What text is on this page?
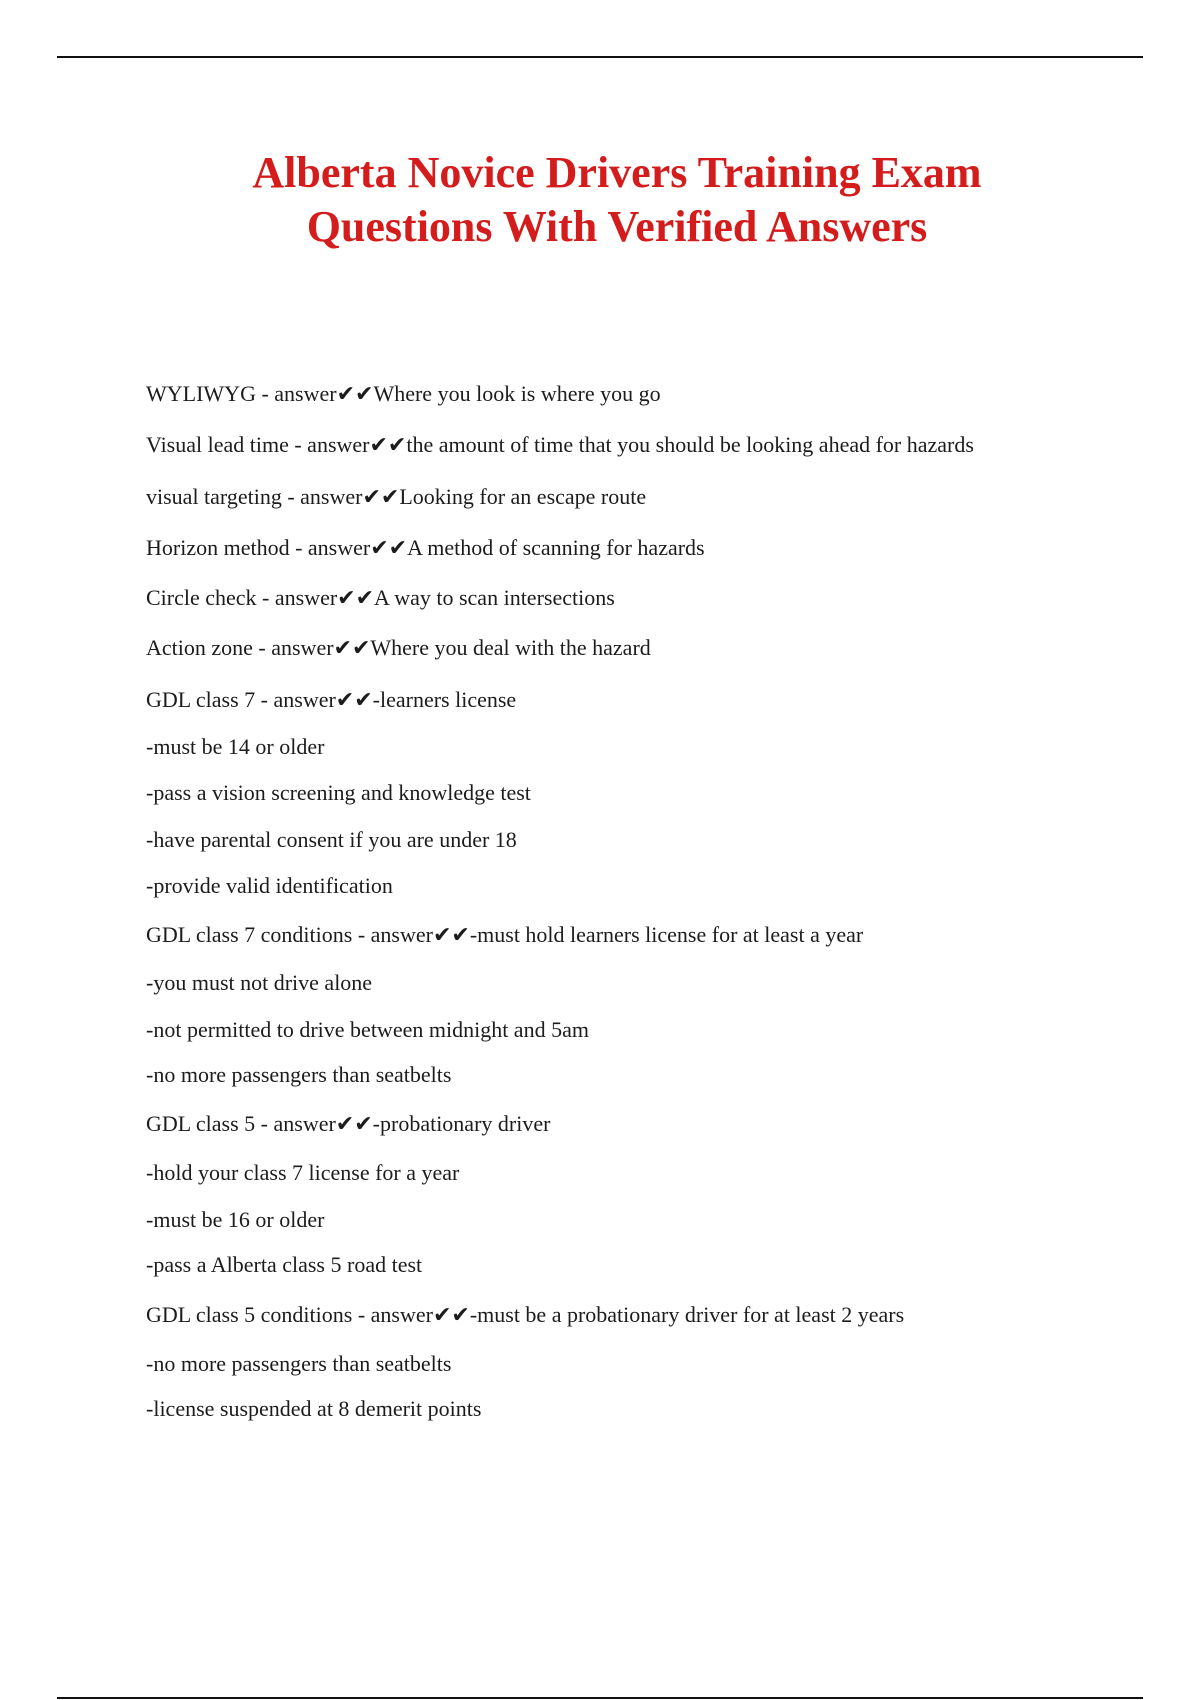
Alberta Novice Drivers Training Exam
Questions With Verified Answers
WYLIWYG - answer✔✔Where you look is where you go
Visual lead time - answer✔✔the amount of time that you should be looking ahead for hazards
visual targeting - answer✔✔Looking for an escape route
Horizon method - answer✔✔A method of scanning for hazards
Circle check - answer✔✔A way to scan intersections
Action zone - answer✔✔Where you deal with the hazard
GDL class 7 - answer✔✔-learners license
-must be 14 or older
-pass a vision screening and knowledge test
-have parental consent if you are under 18
-provide valid identification
GDL class 7 conditions - answer✔✔-must hold learners license for at least a year
-you must not drive alone
-not permitted to drive between midnight and 5am
-no more passengers than seatbelts
GDL class 5 - answer✔✔-probationary driver
-hold your class 7 license for a year
-must be 16 or older
-pass a Alberta class 5 road test
GDL class 5 conditions - answer✔✔-must be a probationary driver for at least 2 years
-no more passengers than seatbelts
-license suspended at 8 demerit points
